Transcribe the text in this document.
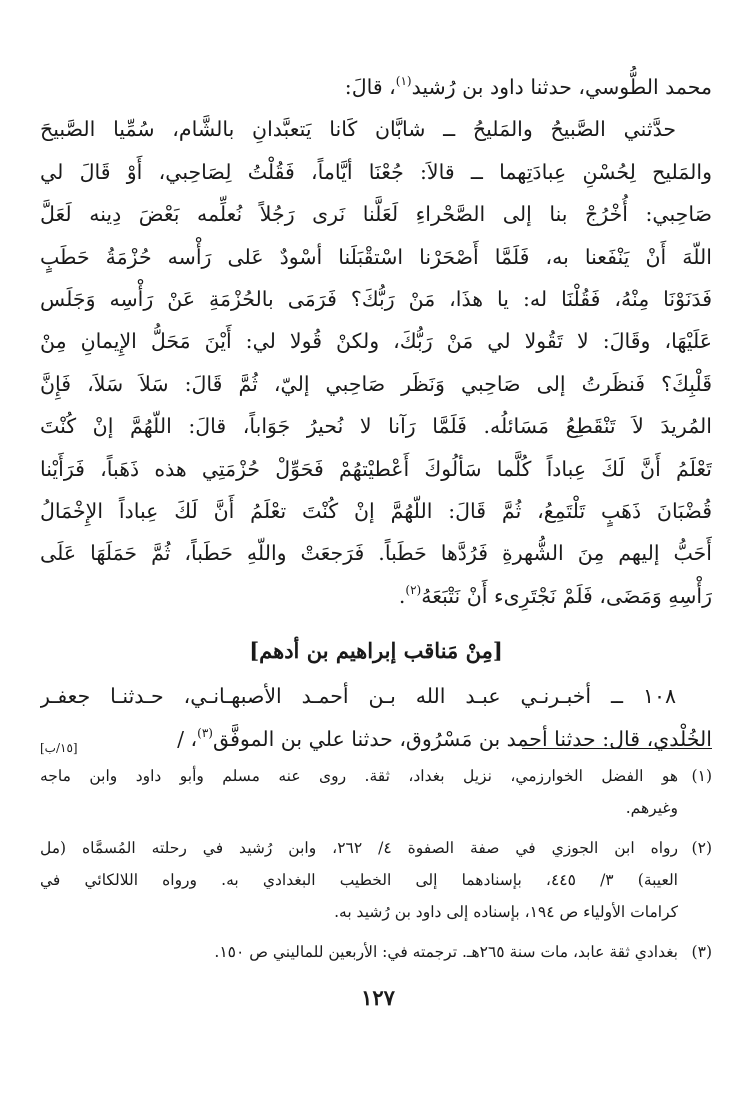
محمد الطُّوسي، حدثنا داود بن رُشيد$^{(١)}$، قالَ:
حدَّثني الصَّبيحُ والمَليحُ ــ شابَّان كَانا يَتعبَّدانِ بالشَّام، سُمِّيا الصَّبيحَ
والمَليح لِحُسْنِ عِبادَتِهما ــ قالاَ: جُعْنَا أيَّاماً، فَقُلْتُ لِصَاحِبي، أَوْ قَالَ لي
صَاحِبي: أُخْرُجْ بنا إلى الصَّحْراءِ لَعَلَّنا نَرى رَجُلاً نُعلِّمه بَعْضَ دِينه لَعَلَّ
اللّهَ أَنْ يَنْفَعنا به، فَلَمَّا أَصْحَرْنا اسْتقْبَلَنا أسْودٌ عَلى رَأْسه حُزْمَةُ حَطَبٍ
فَدَنَوْنَا مِنْهُ، فَقُلْنَا له: يا هذَا، مَنْ رَبُّكَ؟ فَرَمَى بالحُزْمَةِ عَنْ رَأْسِه وَجَلَس
عَلَيْهَا، وقَالَ: لا تَقُولا لي مَنْ رَبُّكَ، ولكنْ قُولا لي: أَيْنَ مَحَلُّ الإِيمانِ مِنْ
قَلْبِكَ؟ فَنظَرتُ إلى صَاحِبي وَنَظَر صَاحِبي إليّ، ثُمَّ قَالَ: سَلاَ سَلاَ، فَإِنَّ
المُريدَ لاَ تَنْقَطِعُ مَسَائلُه. فَلَمَّا رَآنا لا نُحيرُ جَوَاباً، قالَ: اللّهُمَّ إنْ كُنْتَ
تَعْلَمُ أَنَّ لَكَ عِباداً كُلَّما سَألُوكَ أَعْطيْتهُمْ فَحَوِّلْ حُزْمَتِي هذه ذَهَباً، فَرَأَيْنا
قُضْبَانَ ذَهَبٍ تَلْتَمِعُ، ثُمَّ قَالَ: اللّهُمَّ إنْ كُنْتَ تعْلَمُ أَنَّ لَكَ عِباداً الإِخْمَالُ
أَحَبُّ إليهم مِنَ الشُّهرةِ فَرُدَّها حَطَباً. فَرَجعَتْ واللّهِ حَطَباً، ثُمَّ حَمَلَهَا عَلَى
رَأْسِهِ وَمَضَى، فَلَمْ نَجْتَرِىء أَنْ نَتْبَعَهُ$^{(٢)}$.
[مِنْ مَناقب إبراهيم بن أدهم]
١٠٨ ــ أخبـرنـي عبـد الله بـن أحمـد الأصبهـانـي، حـدثنـا جعفـر
الخُلْدي، قال: حدثنا أحمد بن مَسْرُوق، حدثنا علي بن الموفَّق$^{(٣)}$، /
[١٥/ب]
(١)
هو الفضل الخوارزمي، نزيل بغداد، ثقة. روى عنه مسلم وأبو داود وابن ماجه
وغيرهم.
(٢)
رواه ابن الجوزي في صفة الصفوة ٤/ ٢٦٢، وابن رُشيد في رحلته المُسمَّاه (مل
العيبة) ٣/ ٤٤٥، بإسنادهما إلى الخطيب البغدادي به. ورواه اللالكائي في
كرامات الأولياء ص ١٩٤، بإسناده إلى داود بن رُشيد به.
(٣)
بغدادي ثقة عابد، مات سنة ٢٦٥هـ. ترجمته في: الأربعين للماليني ص ١٥٠.
١٢٧
